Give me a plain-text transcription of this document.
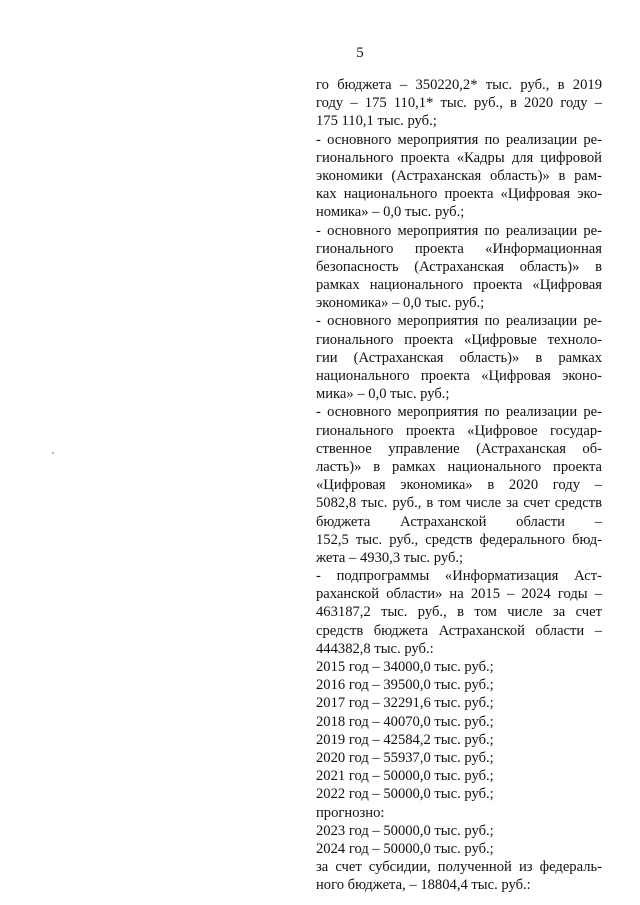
5
го бюджета – 350220,2* тыс. руб., в 2019
году – 175 110,1* тыс. руб., в 2020 году –
175 110,1 тыс. руб.;
- основного мероприятия по реализации ре-
гионального проекта «Кадры для цифровой
экономики (Астраханская область)» в рам-
ках национального проекта «Цифровая эко-
номика» – 0,0 тыс. руб.;
- основного мероприятия по реализации ре-
гионального проекта «Информационная
безопасность (Астраханская область)» в
рамках национального проекта «Цифровая
экономика» – 0,0 тыс. руб.;
- основного мероприятия по реализации ре-
гионального проекта «Цифровые техноло-
гии (Астраханская область)» в рамках
национального проекта «Цифровая эконо-
мика» – 0,0 тыс. руб.;
- основного мероприятия по реализации ре-
гионального проекта «Цифровое государ-
ственное управление (Астраханская об-
ласть)» в рамках национального проекта
«Цифровая экономика» в 2020 году –
5082,8 тыс. руб., в том числе за счет средств
бюджета Астраханской области –
152,5 тыс. руб., средств федерального бюд-
жета – 4930,3 тыс. руб.;
- подпрограммы «Информатизация Аст-
раханской области» на 2015 – 2024 годы –
463187,2 тыс. руб., в том числе за счет
средств бюджета Астраханской области –
444382,8 тыс. руб.:
2015 год – 34000,0 тыс. руб.;
2016 год – 39500,0 тыс. руб.;
2017 год – 32291,6 тыс. руб.;
2018 год – 40070,0 тыс. руб.;
2019 год – 42584,2 тыс. руб.;
2020 год – 55937,0 тыс. руб.;
2021 год – 50000,0 тыс. руб.;
2022 год – 50000,0 тыс. руб.;
прогнозно:
2023 год – 50000,0 тыс. руб.;
2024 год – 50000,0 тыс. руб.;
за счет субсидии, полученной из федераль-
ного бюджета, – 18804,4 тыс. руб.:
